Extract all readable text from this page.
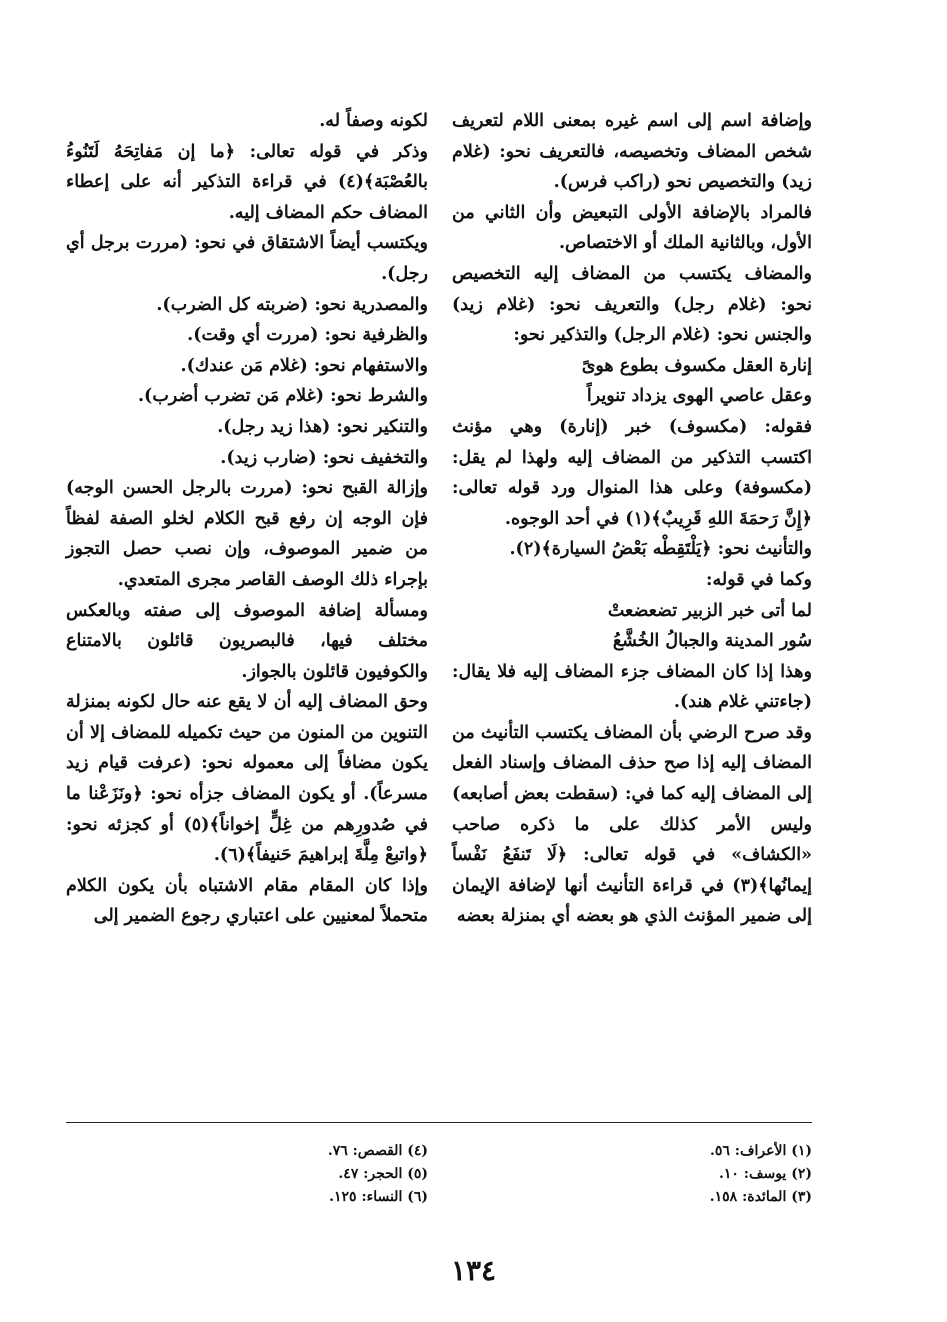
وإضافة اسم إلى اسم غيره بمعنى اللام لتعريف شخص المضاف وتخصيصه، فالتعريف نحو: (غلام زيد) والتخصيص نحو (راكب فرس).

فالمراد بالإضافة الأولى التبعيض وأن الثاني من الأول، وبالثانية الملك أو الاختصاص.

والمضاف يكتسب من المضاف إليه التخصيص نحو: (غلام رجل) والتعريف نحو: (غلام زيد) والجنس نحو: (غلام الرجل) والتذكير نحو:

إنارة العقل مكسوف بطوع هوىً

وعقل عاصي الهوى يزداد تنويراً

فقوله: (مكسوف) خبر (إنارة) وهي مؤنث اكتسب التذكير من المضاف إليه ولهذا لم يقل: (مكسوفة) وعلى هذا المنوال ورد قوله تعالى: ﴿إِنَّ رَحمَةَ اللهِ قَرِيبٌ﴾(١) في أحد الوجوه.

والتأنيث نحو: ﴿يَلْتَقِطْه بَعْضُ السيارة﴾(٢).

وكما في قوله:

لما أتى خبر الزبير تضعضعتْ

سُور المدينة والجبالُ الخُشَّعُ

وهذا إذا كان المضاف جزء المضاف إليه فلا يقال: (جاءتني غلام هند).

وقد صرح الرضي بأن المضاف يكتسب التأنيث من المضاف إليه إذا صح حذف المضاف وإسناد الفعل إلى المضاف إليه كما في: (سقطت بعض أصابعه) وليس الأمر كذلك على ما ذكره صاحب «الكشاف» في قوله تعالى: ﴿لَا تَنفَعُ نَفْساً إيمانُها﴾(٣) في قراءة التأنيث أنها لإضافة الإيمان إلى ضمير المؤنث الذي هو بعضه أي بمنزلة بعضه

لكونه وصفاً له.

وذكر في قوله تعالى: ﴿ما إن مَفاتِحَهُ لَتَنُوءُ بالعُصْبَة﴾(٤) في قراءة التذكير أنه على إعطاء المضاف حكم المضاف إليه.

ويكتسب أيضاً الاشتقاق في نحو: (مررت برجل أي رجل).

والمصدرية نحو: (ضربته كل الضرب).

والظرفية نحو: (مررت أي وقت).

والاستفهام نحو: (غلام مَن عندك).

والشرط نحو: (غلام مَن تضرب أضرب).

والتنكير نحو: (هذا زيد رجل).

والتخفيف نحو: (ضارب زيد).

وإزالة القبح نحو: (مررت بالرجل الحسن الوجه) فإن الوجه إن رفع قبح الكلام لخلو الصفة لفظاً من ضمير الموصوف، وإن نصب حصل التجوز بإجراء ذلك الوصف القاصر مجرى المتعدي.

ومسألة إضافة الموصوف إلى صفته وبالعكس مختلف فيها، فالبصريون قائلون بالامتناع والكوفيون قائلون بالجواز.

وحق المضاف إليه أن لا يقع عنه حال لكونه بمنزلة التنوين من المنون من حيث تكميله للمضاف إلا أن يكون مضافاً إلى معموله نحو: (عرفت قيام زيد مسرعاً). أو يكون المضاف جزأه نحو: ﴿ونَزَعْنا ما في صُدورِهم من غِلٍّ إخواناً﴾(٥) أو كجزئه نحو: ﴿واتبعْ مِلَّةَ إبراهيمَ حَنيفاً﴾(٦).

وإذا كان المقام مقام الاشتباه بأن يكون الكلام متحملاً لمعنيين على اعتباري رجوع الضمير إلى

(١) الأعراف: ٥٦.
(٢) يوسف: ١٠.
(٣) المائدة: ١٥٨.
(٤) القصص: ٧٦.
(٥) الحجر: ٤٧.
(٦) النساء: ١٢٥.
١٣٤
